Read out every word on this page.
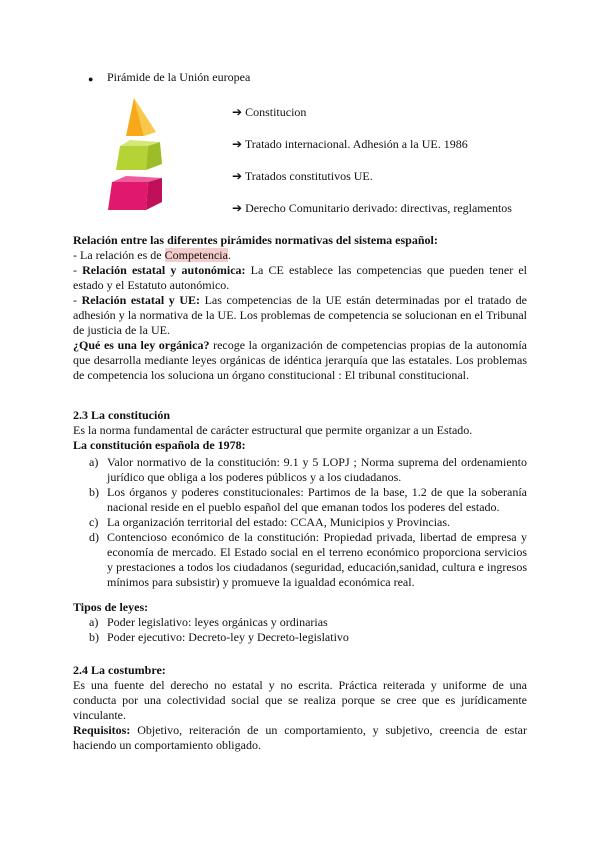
● Pirámide de la Unión europea
➔ Constitucion
➔ Tratado internacional. Adhesión a la UE. 1986
➔ Tratados constitutivos UE.
➔ Derecho Comunitario derivado: directivas, reglamentos

Relación entre las diferentes pirámides normativas del sistema español:

- La relación es de Competencia.

- Relación estatal y autonómica: La CE establece las competencias que pueden tener el estado y el Estatuto autonómico.

- Relación estatal y UE: Las competencias de la UE están determinadas por el tratado de adhesión y la normativa de la UE. Los problemas de competencia se solucionan en el Tribunal de justicia de la UE.

¿Qué es una ley orgánica? recoge la organización de competencias propias de la autonomía que desarrolla mediante leyes orgánicas de idéntica jerarquía que las estatales. Los problemas de competencia los soluciona un órgano constitucional : El tribunal constitucional.

2.3 La constitución

Es la norma fundamental de carácter estructural que permite organizar a un Estado.

La constitución española de 1978:

a) Valor normativo de la constitución: 9.1 y 5 LOPJ ; Norma suprema del ordenamiento jurídico que obliga a los poderes públicos y a los ciudadanos.
b) Los órganos y poderes constitucionales: Partimos de la base, 1.2 de que la soberanía nacional reside en el pueblo español del que emanan todos los poderes del estado.
c) La organización territorial del estado: CCAA, Municipios y Provincias.
d) Contencioso económico de la constitución: Propiedad privada, libertad de empresa y economía de mercado. El Estado social en el terreno económico proporciona servicios y prestaciones a todos los ciudadanos (seguridad, educación,sanidad, cultura e ingresos mínimos para subsistir) y promueve la igualdad económica real.

Tipos de leyes:

a) Poder legislativo: leyes orgánicas y ordinarias
b) Poder ejecutivo: Decreto-ley y Decreto-legislativo

2.4 La costumbre:

Es una fuente del derecho no estatal y no escrita. Práctica reiterada y uniforme de una conducta por una colectividad social que se realiza porque se cree que es jurídicamente vinculante.

Requisitos: Objetivo, reiteración de un comportamiento, y subjetivo, creencia de estar haciendo un comportamiento obligado.
